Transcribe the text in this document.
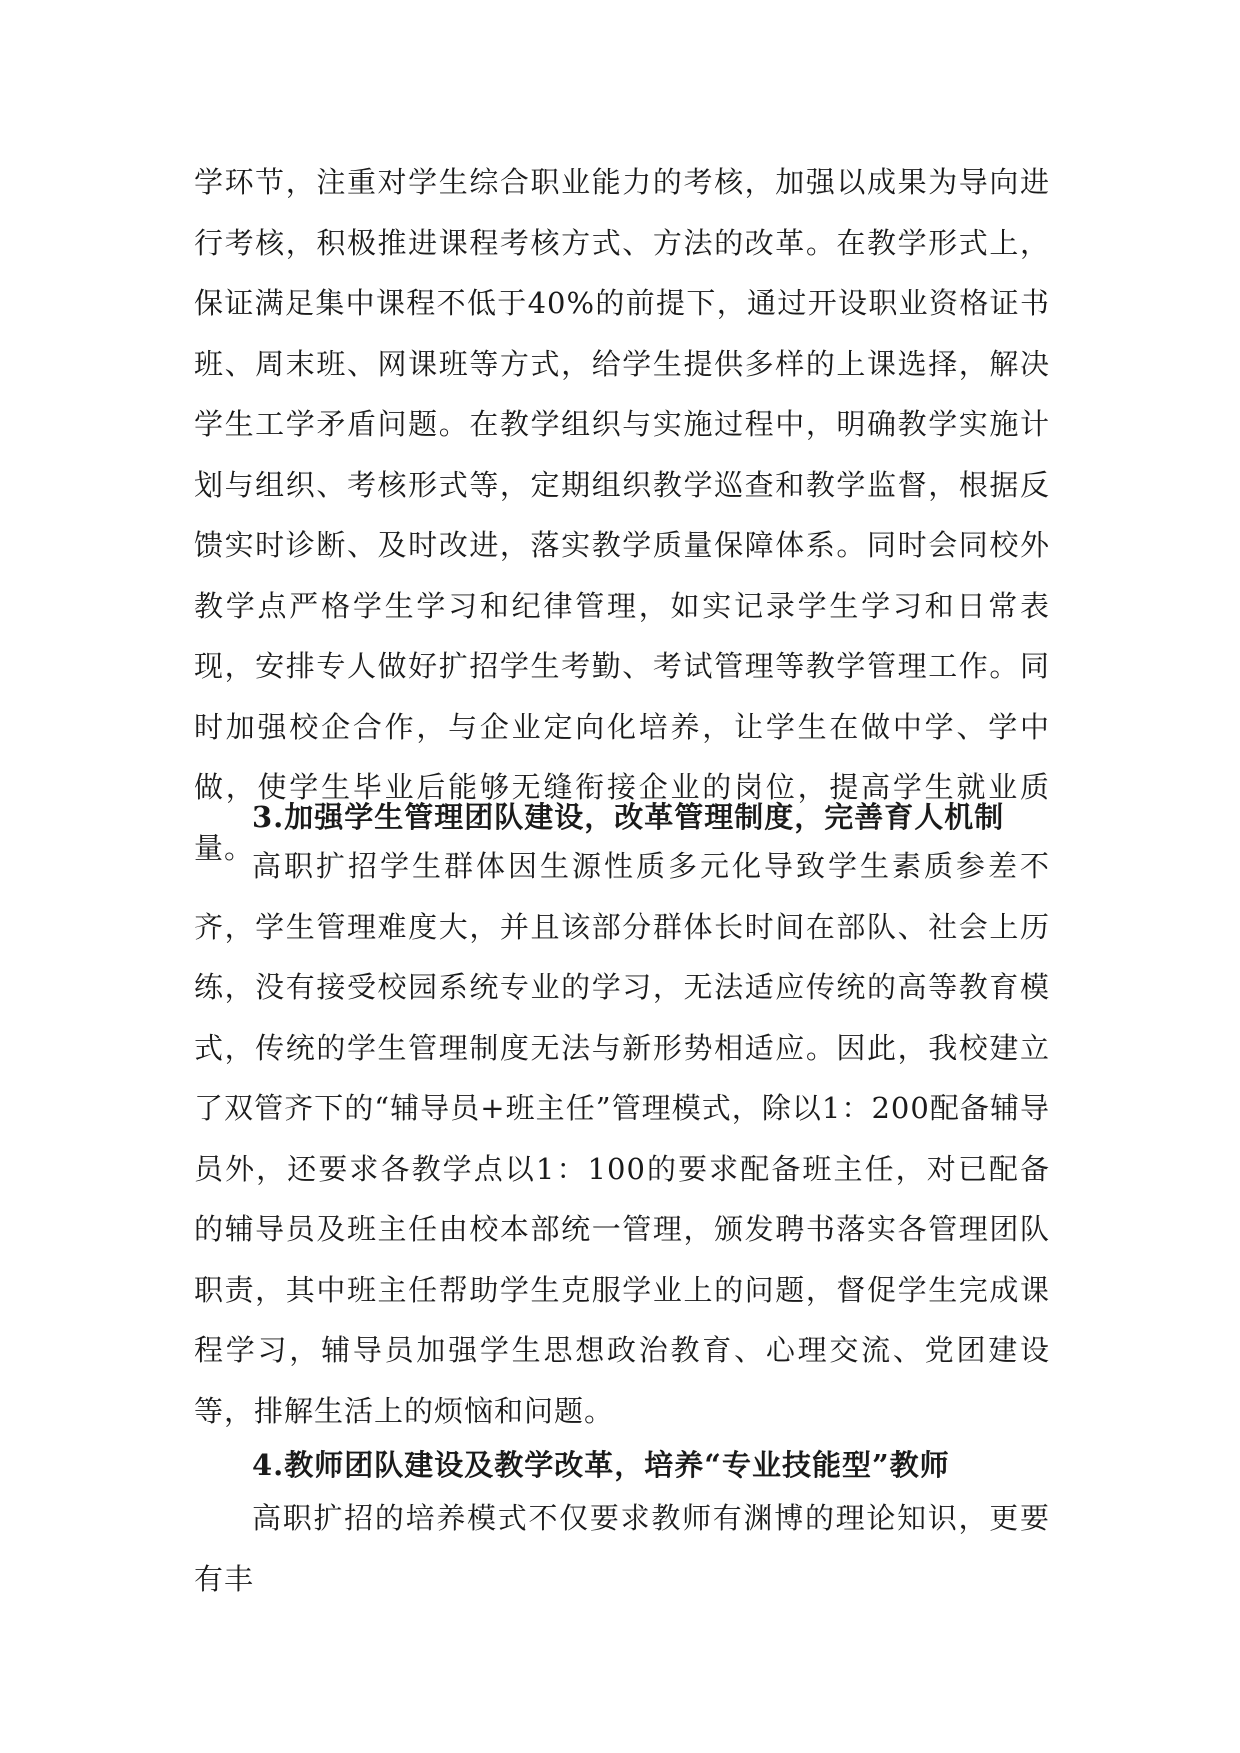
学环节，注重对学生综合职业能力的考核，加强以成果为导向进行考核，积极推进课程考核方式、方法的改革。在教学形式上，保证满足集中课程不低于40%的前提下，通过开设职业资格证书班、周末班、网课班等方式，给学生提供多样的上课选择，解决学生工学矛盾问题。在教学组织与实施过程中，明确教学实施计划与组织、考核形式等，定期组织教学巡查和教学监督，根据反馈实时诊断、及时改进，落实教学质量保障体系。同时会同校外教学点严格学生学习和纪律管理，如实记录学生学习和日常表现，安排专人做好扩招学生考勤、考试管理等教学管理工作。同时加强校企合作，与企业定向化培养，让学生在做中学、学中做，使学生毕业后能够无缝衔接企业的岗位，提高学生就业质量。

3.加强学生管理团队建设，改革管理制度，完善育人机制

高职扩招学生群体因生源性质多元化导致学生素质参差不齐，学生管理难度大，并且该部分群体长时间在部队、社会上历练，没有接受校园系统专业的学习，无法适应传统的高等教育模式，传统的学生管理制度无法与新形势相适应。因此，我校建立了双管齐下的“辅导员+班主任”管理模式，除以1：200配备辅导员外，还要求各教学点以1：100的要求配备班主任，对已配备的辅导员及班主任由校本部统一管理，颁发聘书落实各管理团队职责，其中班主任帮助学生克服学业上的问题，督促学生完成课程学习，辅导员加强学生思想政治教育、心理交流、党团建设等，排解生活上的烦恼和问题。

4.教师团队建设及教学改革，培养“专业技能型”教师

高职扩招的培养模式不仅要求教师有渊博的理论知识，更要有丰
